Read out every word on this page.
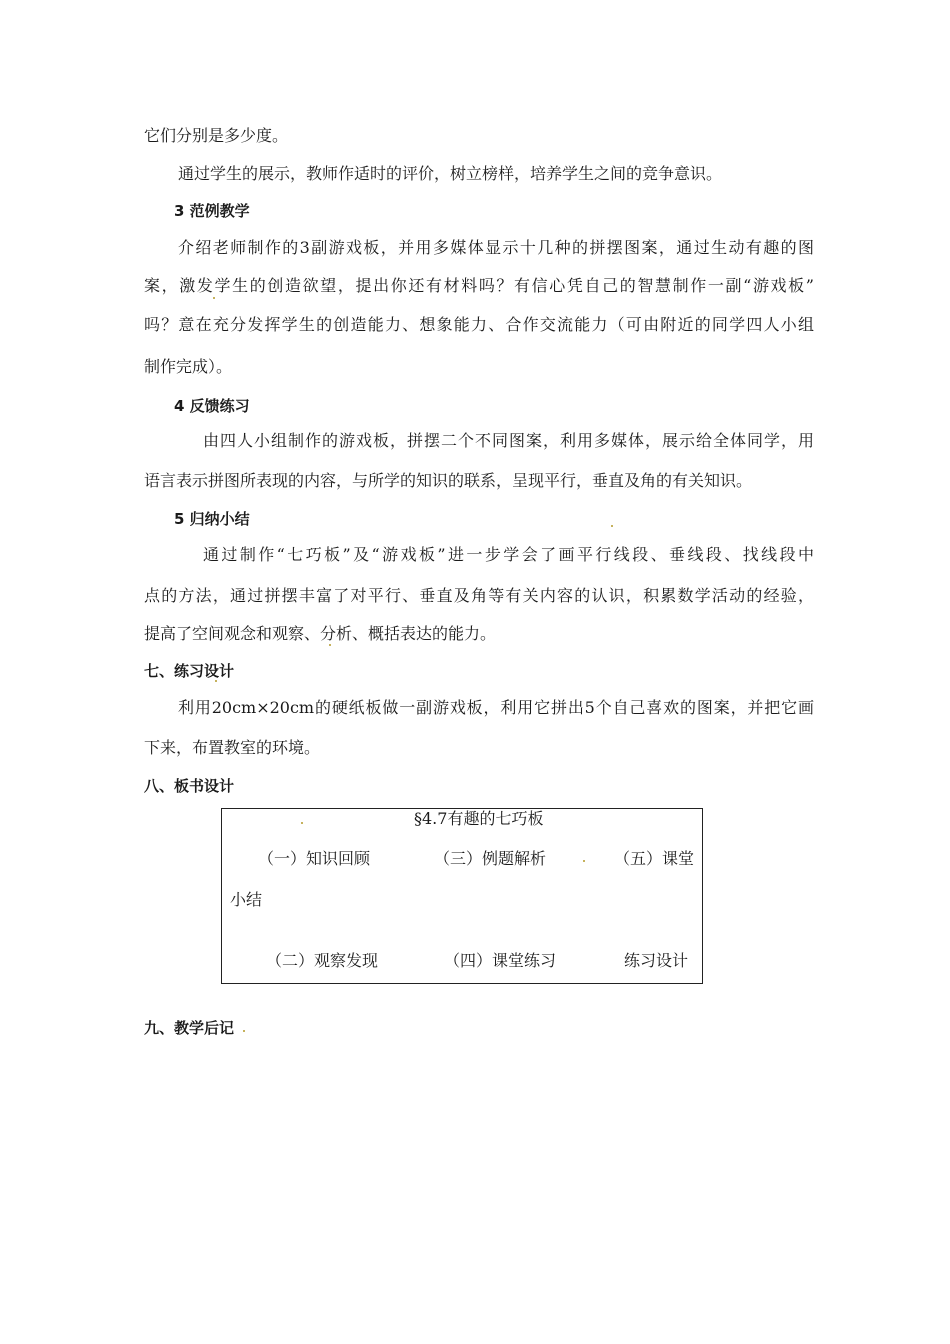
它们分别是多少度。
通过学生的展示，教师作适时的评价，树立榜样，培养学生之间的竞争意识。
3 范例教学
介绍老师制作的3副游戏板，并用多媒体显示十几种的拼摆图案，通过生动有趣的图
案，激发学生的创造欲望，提出你还有材料吗？有信心凭自己的智慧制作一副“游戏板”
吗？意在充分发挥学生的创造能力、想象能力、合作交流能力（可由附近的同学四人小组
制作完成）。
4 反馈练习
由四人小组制作的游戏板，拼摆二个不同图案，利用多媒体，展示给全体同学，用
语言表示拼图所表现的内容，与所学的知识的联系，呈现平行，垂直及角的有关知识。
5 归纳小结
通过制作“七巧板”及“游戏板”进一步学会了画平行线段、垂线段、找线段中
点的方法，通过拼摆丰富了对平行、垂直及角等有关内容的认识，积累数学活动的经验，
提高了空间观念和观察、分析、概括表达的能力。
七、练习设计
利用20cm×20cm的硬纸板做一副游戏板，利用它拼出5个自己喜欢的图案，并把它画
下来，布置教室的环境。
八、板书设计
§4.7有趣的七巧板
（一）知识回顾	（三）例题解析	（五）课堂
小结
（二）观察发现	（四）课堂练习	练习设计
九、教学后记
